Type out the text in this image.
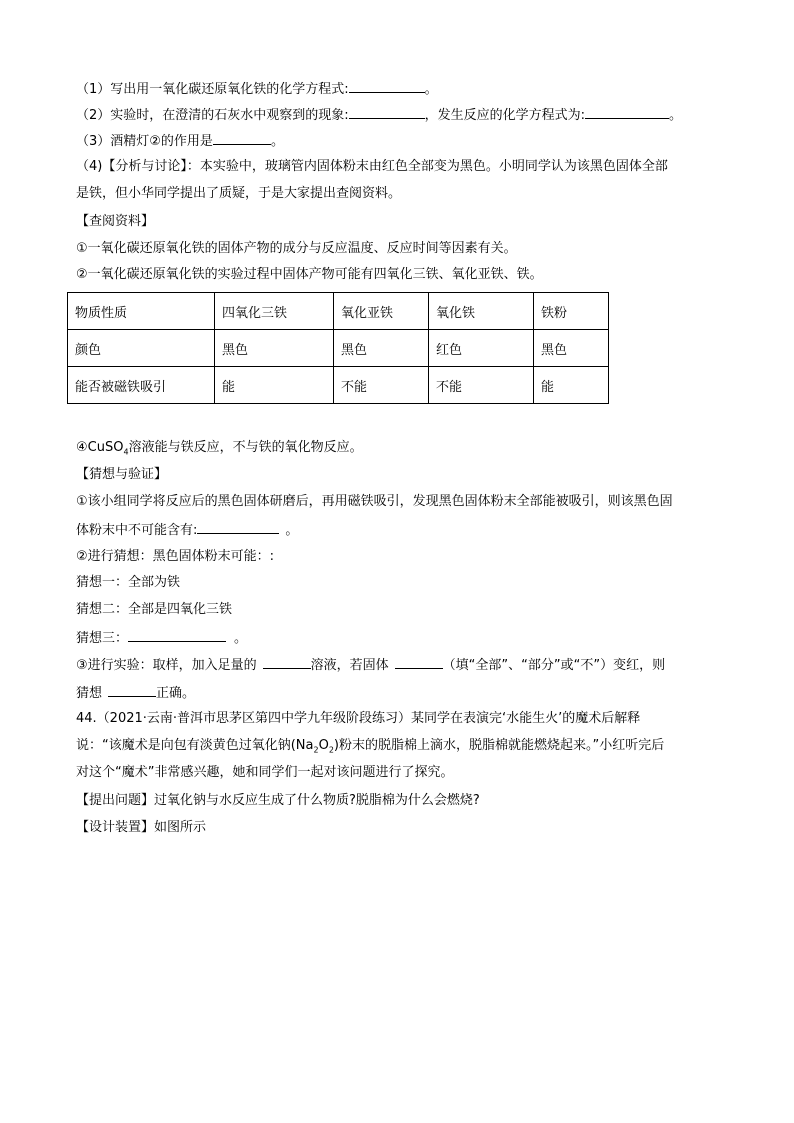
（1）写出用一氧化碳还原氧化铁的化学方程式:	。
（2）实验时，在澄清的石灰水中观察到的现象:	，发生反应的化学方程式为:	。
（3）酒精灯②的作用是	。
（4)【分析与讨论】：本实验中，玻璃管内固体粉末由红色全部变为黑色。小明同学认为该黑色固体全部
是铁，但小华同学提出了质疑，于是大家提出查阅资料。
【查阅资料】
①一氧化碳还原氧化铁的固体产物的成分与反应温度、反应时间等因素有关。
②一氧化碳还原氧化铁的实验过程中固体产物可能有四氧化三铁、氧化亚铁、铁。
物质性质	四氧化三铁	氧化亚铁	氧化铁	铁粉
颜色	黑色	黑色	红色	黑色
能否被磁铁吸引	能	不能	不能	能
④CuSO$_4$溶液能与铁反应，不与铁的氧化物反应。
【猜想与验证】
①该小组同学将反应后的黑色固体研磨后，再用磁铁吸引，发现黑色固体粉末全部能被吸引，则该黑色固
体粉末中不可能含有:	。
②进行猜想：黑色固体粉末可能：:
猜想一：全部为铁
猜想二：全部是四氧化三铁
猜想三：	。
③进行实验：取样，加入足量的	溶液，若固体	（填“全部”、“部分”或“不”）变红，则
猜想	正确。
44.（2021·云南·普洱市思茅区第四中学九年级阶段练习）某同学在表演完‘水能生火’的魔术后解释
说：“该魔术是向包有淡黄色过氧化钠$(Na_2O_2)$粉末的脱脂棉上滴水，脱脂棉就能燃烧起来。”小红听完后
对这个“魔术”非常感兴趣，她和同学们一起对该问题进行了探究。
【提出问题】过氧化钠与水反应生成了什么物质?脱脂棉为什么会燃烧?
【设计装置】如图所示
